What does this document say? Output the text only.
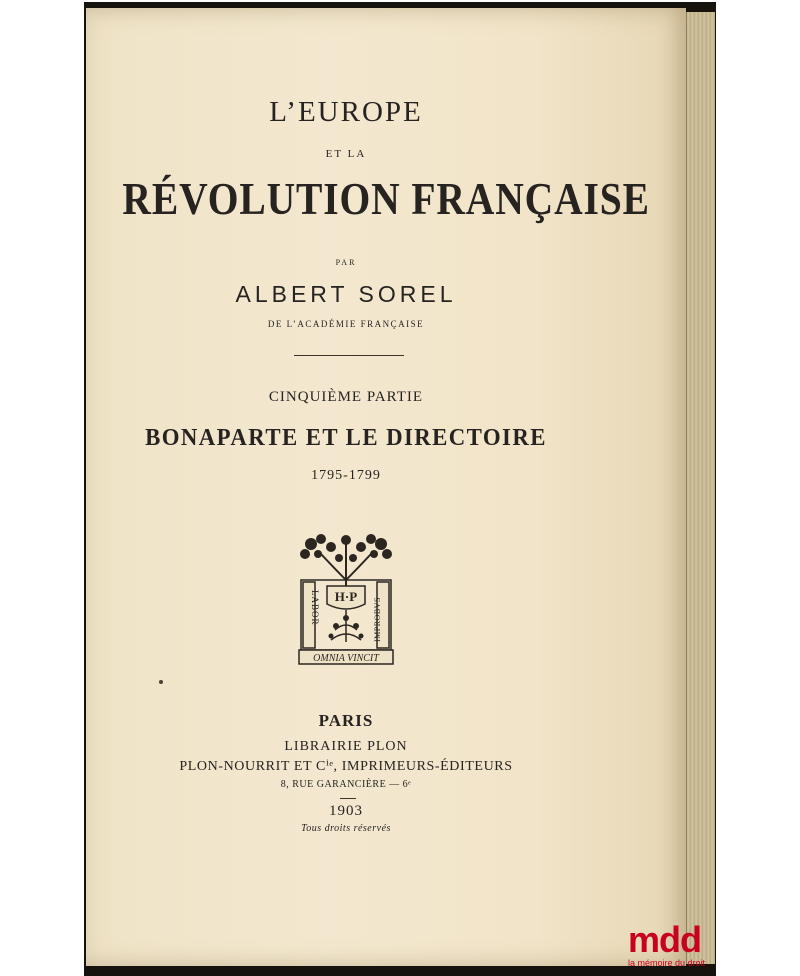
L’EUROPE
ET LA
RÉVOLUTION FRANÇAISE
PAR
ALBERT SOREL
DE L’ACADÉMIE FRANÇAISE
CINQUIÈME PARTIE
BONAPARTE ET LE DIRECTOIRE
1795-1799
LABOR	IMPROBVS
H·P
OMNIA VINCIT
PARIS
LIBRAIRIE PLON
PLON-NOURRIT ET Cⁱᵉ, IMPRIMEURS-ÉDITEURS
8, RUE GARANCIÈRE — 6ᵉ
1903
Tous droits réservés
mdd
la mémoire du droit
